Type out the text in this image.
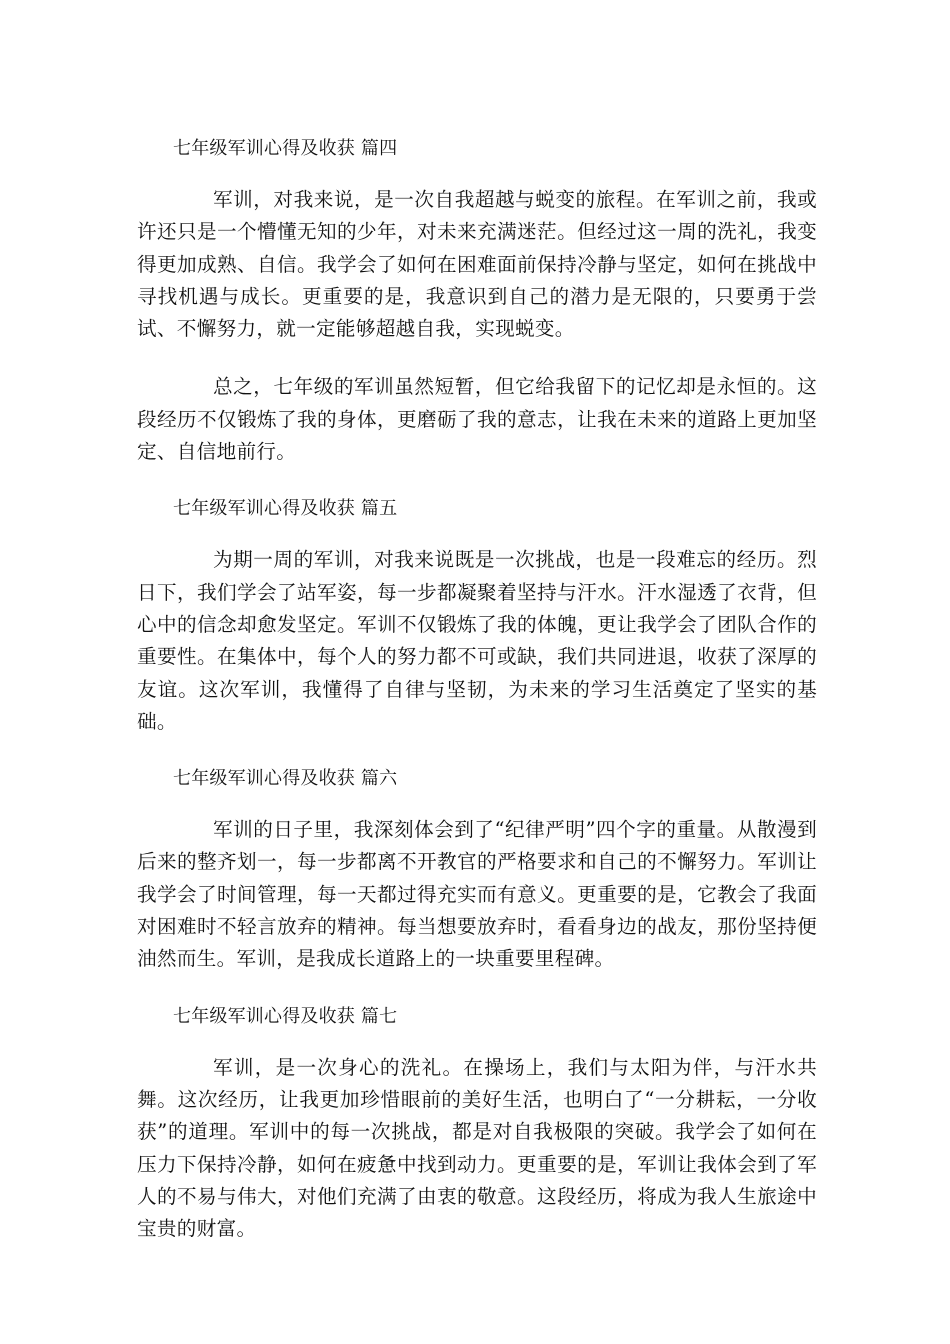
七年级军训心得及收获 篇四

军训，对我来说，是一次自我超越与蜕变的旅程。在军训之前，我或许还只是一个懵懂无知的少年，对未来充满迷茫。但经过这一周的洗礼，我变得更加成熟、自信。我学会了如何在困难面前保持冷静与坚定，如何在挑战中寻找机遇与成长。更重要的是，我意识到自己的潜力是无限的，只要勇于尝试、不懈努力，就一定能够超越自我，实现蜕变。

总之，七年级的军训虽然短暂，但它给我留下的记忆却是永恒的。这段经历不仅锻炼了我的身体，更磨砺了我的意志，让我在未来的道路上更加坚定、自信地前行。

七年级军训心得及收获 篇五

为期一周的军训，对我来说既是一次挑战，也是一段难忘的经历。烈日下，我们学会了站军姿，每一步都凝聚着坚持与汗水。汗水湿透了衣背，但心中的信念却愈发坚定。军训不仅锻炼了我的体魄，更让我学会了团队合作的重要性。在集体中，每个人的努力都不可或缺，我们共同进退，收获了深厚的友谊。这次军训，我懂得了自律与坚韧，为未来的学习生活奠定了坚实的基础。

七年级军训心得及收获 篇六

军训的日子里，我深刻体会到了“纪律严明”四个字的重量。从散漫到后来的整齐划一，每一步都离不开教官的严格要求和自己的不懈努力。军训让我学会了时间管理，每一天都过得充实而有意义。更重要的是，它教会了我面对困难时不轻言放弃的精神。每当想要放弃时，看看身边的战友，那份坚持便油然而生。军训，是我成长道路上的一块重要里程碑。

七年级军训心得及收获 篇七

军训，是一次身心的洗礼。在操场上，我们与太阳为伴，与汗水共舞。这次经历，让我更加珍惜眼前的美好生活，也明白了“一分耕耘，一分收获”的道理。军训中的每一次挑战，都是对自我极限的突破。我学会了如何在压力下保持冷静，如何在疲惫中找到动力。更重要的是，军训让我体会到了军人的不易与伟大，对他们充满了由衷的敬意。这段经历，将成为我人生旅途中宝贵的财富。
